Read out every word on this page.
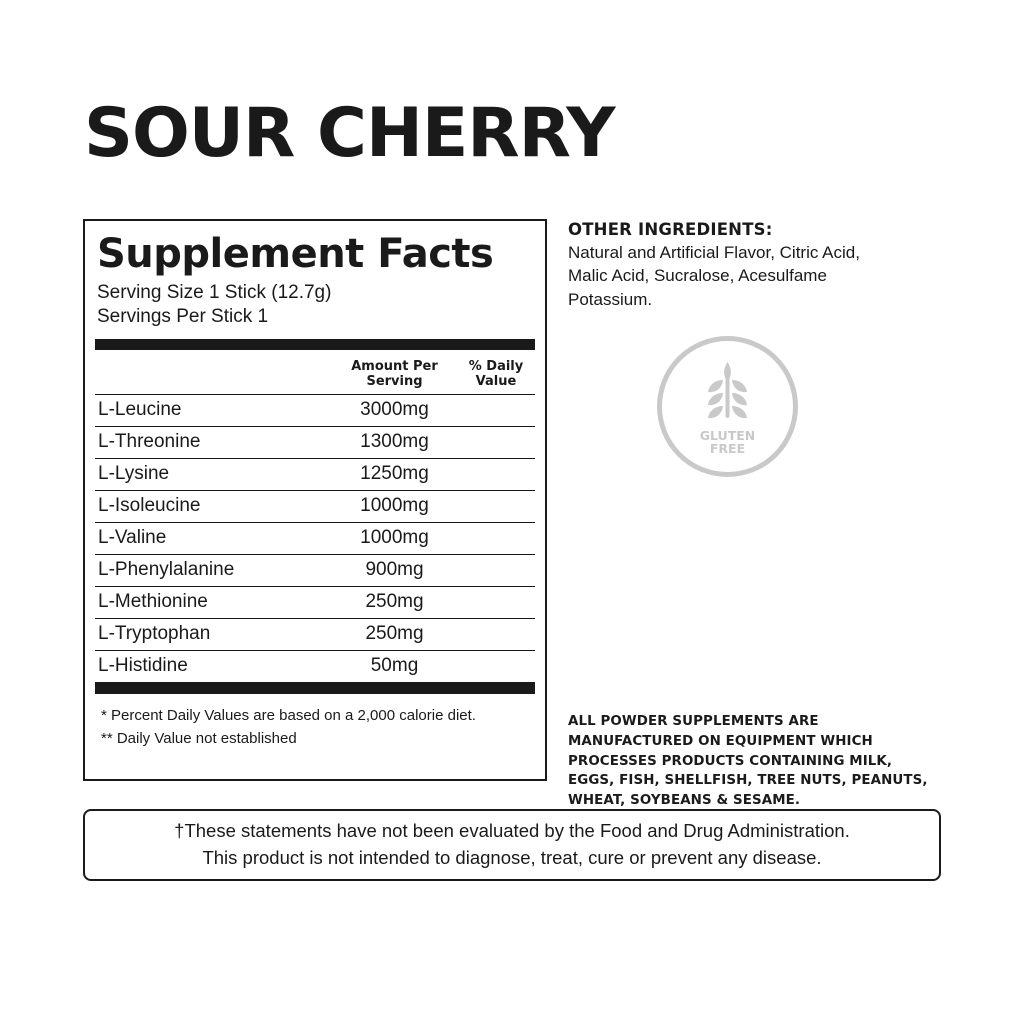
SOUR CHERRY
Supplement Facts
Serving Size 1 Stick (12.7g)
Servings Per Stick 1
Amount Per
Serving
% Daily
Value
L-Leucine	3000mg
L-Threonine	1300mg
L-Lysine	1250mg
L-Isoleucine	1000mg
L-Valine	1000mg
L-Phenylalanine	900mg
L-Methionine	250mg
L-Tryptophan	250mg
L-Histidine	50mg
* Percent Daily Values are based on a 2,000 calorie diet.
** Daily Value not established
OTHER INGREDIENTS:
Natural and Artificial Flavor, Citric Acid, Malic Acid, Sucralose, Acesulfame Potassium.
GLUTEN
FREE
ALL POWDER SUPPLEMENTS ARE MANUFACTURED ON EQUIPMENT WHICH PROCESSES PRODUCTS CONTAINING MILK, EGGS, FISH, SHELLFISH, TREE NUTS, PEANUTS, WHEAT, SOYBEANS & SESAME.
†These statements have not been evaluated by the Food and Drug Administration.
This product is not intended to diagnose, treat, cure or prevent any disease.
